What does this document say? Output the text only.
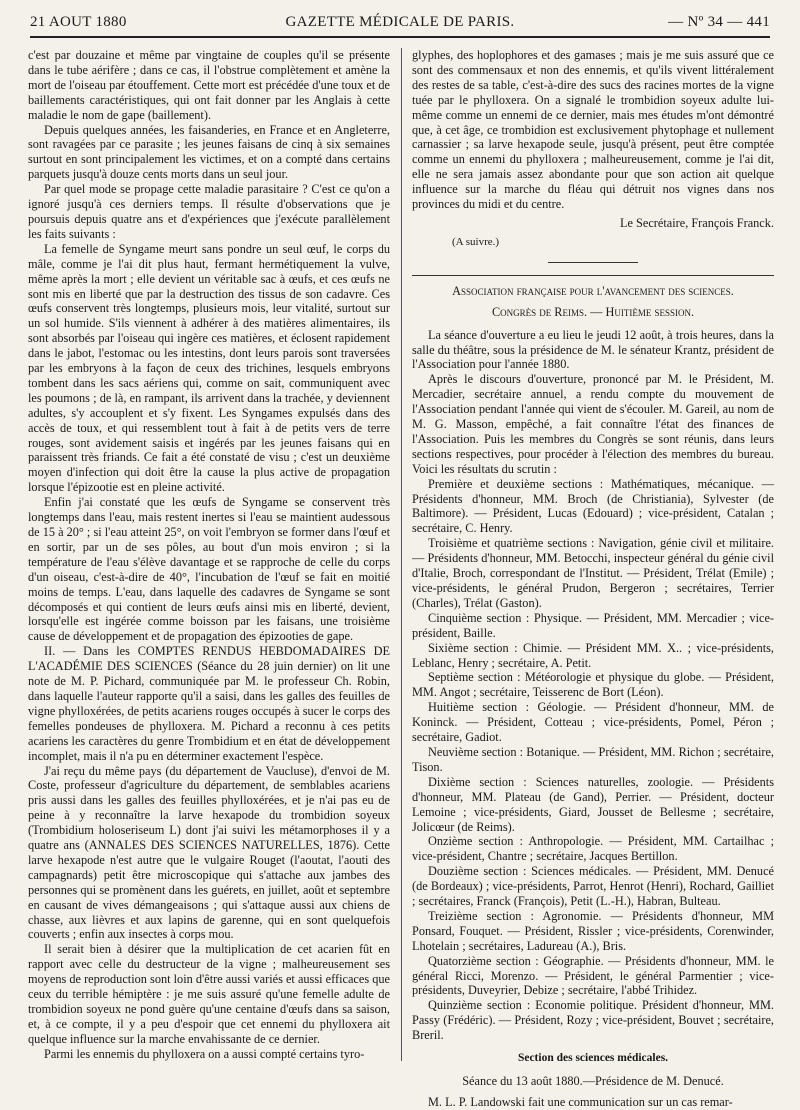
21 AOUT 1880	GAZETTE MÉDICALE DE PARIS.	— Nº 34 — 441

c'est par douzaine et même par vingtaine de couples qu'il se présente dans le tube aérifère ; dans ce cas, il l'obstrue complètement et amène la mort de l'oiseau par étouffement. Cette mort est précédée d'une toux et de baillements caractéristiques, qui ont fait donner par les Anglais à cette maladie le nom de gape (baillement).

Depuis quelques années, les faisanderies, en France et en Angleterre, sont ravagées par ce parasite ; les jeunes faisans de cinq à six semaines surtout en sont principalement les victimes, et on a compté dans certains parquets jusqu'à douze cents morts dans un seul jour.

Par quel mode se propage cette maladie parasitaire ? C'est ce qu'on a ignoré jusqu'à ces derniers temps. Il résulte d'observations que je poursuis depuis quatre ans et d'expériences que j'exécute parallèlement les faits suivants :

La femelle de Syngame meurt sans pondre un seul œuf, le corps du mâle, comme je l'ai dit plus haut, fermant hermétiquement la vulve, même après la mort ; elle devient un véritable sac à œufs, et ces œufs ne sont mis en liberté que par la destruction des tissus de son cadavre. Ces œufs conservent très longtemps, plusieurs mois, leur vitalité, surtout sur un sol humide. S'ils viennent à adhérer à des matières alimentaires, ils sont absorbés par l'oiseau qui ingère ces matières, et éclosent rapidement dans le jabot, l'estomac ou les intestins, dont leurs parois sont traversées par les embryons à la façon de ceux des trichines, lesquels embryons tombent dans les sacs aériens qui, comme on sait, communiquent avec les poumons ; de là, en rampant, ils arrivent dans la trachée, y deviennent adultes, s'y accouplent et s'y fixent. Les Syngames expulsés dans des accès de toux, et qui ressemblent tout à fait à de petits vers de terre rouges, sont avidement saisis et ingérés par les jeunes faisans qui en paraissent très friands. Ce fait a été constaté de visu ; c'est un deuxième moyen d'infection qui doit être la cause la plus active de propagation lorsque l'épizootie est en pleine activité.

Enfin j'ai constaté que les œufs de Syngame se conservent très longtemps dans l'eau, mais restent inertes si l'eau se maintient audessous de 15 à 20° ; si l'eau atteint 25°, on voit l'embryon se former dans l'œuf et en sortir, par un de ses pôles, au bout d'un mois environ ; si la température de l'eau s'élève davantage et se rapproche de celle du corps d'un oiseau, c'est-à-dire de 40°, l'incubation de l'œuf se fait en moitié moins de temps. L'eau, dans laquelle des cadavres de Syngame se sont décomposés et qui contient de leurs œufs ainsi mis en liberté, devient, lorsqu'elle est ingérée comme boisson par les faisans, une troisième cause de développement et de propagation des épizooties de gape.

II. — Dans les COMPTES RENDUS HEBDOMADAIRES DE L'ACADÉMIE DES SCIENCES (Séance du 28 juin dernier) on lit une note de M. P. Pichard, communiquée par M. le professeur Ch. Robin, dans laquelle l'auteur rapporte qu'il a saisi, dans les galles des feuilles de vigne phylloxérées, de petits acariens rouges occupés à sucer le corps des femelles pondeuses de phylloxera. M. Pichard a reconnu à ces petits acariens les caractères du genre Trombidium et en état de développement incomplet, mais il n'a pu en déterminer exactement l'espèce.

J'ai reçu du même pays (du département de Vaucluse), d'envoi de M. Coste, professeur d'agriculture du département, de semblables acariens pris aussi dans les galles des feuilles phylloxérées, et je n'ai pas eu de peine à y reconnaître la larve hexapode du trombidion soyeux (Trombidium holoseriseum L) dont j'ai suivi les métamorphoses il y a quatre ans (ANNALES DES SCIENCES NATURELLES, 1876). Cette larve hexapode n'est autre que le vulgaire Rouget (l'aoutat, l'aouti des campagnards) petit être microscopique qui s'attache aux jambes des personnes qui se promènent dans les guérets, en juillet, août et septembre en causant de vives démangeaisons ; qui s'attaque aussi aux chiens de chasse, aux lièvres et aux lapins de garenne, qui en sont quelquefois couverts ; enfin aux insectes à corps mou.

Il serait bien à désirer que la multiplication de cet acarien fût en rapport avec celle du destructeur de la vigne ; malheureusement ses moyens de reproduction sont loin d'être aussi variés et aussi efficaces que ceux du terrible hémiptère : je me suis assuré qu'une femelle adulte de trombidion soyeux ne pond guère qu'une centaine d'œufs dans sa saison, et, à ce compte, il y a peu d'espoir que cet ennemi du phylloxera ait quelque influence sur la marche envahissante de ce dernier.

Parmi les ennemis du phylloxera on a aussi compté certains tyro-

glyphes, des hoplophores et des gamases ; mais je me suis assuré que ce sont des commensaux et non des ennemis, et qu'ils vivent littéralement des restes de sa table, c'est-à-dire des sucs des racines mortes de la vigne tuée par le phylloxera. On a signalé le trombidion soyeux adulte lui-même comme un ennemi de ce dernier, mais mes études m'ont démontré que, à cet âge, ce trombidion est exclusivement phytophage et nullement carnassier ; sa larve hexapode seule, jusqu'à présent, peut être comptée comme un ennemi du phylloxera ; malheureusement, comme je l'ai dit, elle ne sera jamais assez abondante pour que son action ait quelque influence sur la marche du fléau qui détruit nos vignes dans nos provinces du midi et du centre.

Le Secrétaire, François Franck.

(A suivre.)

Association française pour l'avancement des sciences.

Congrès de Reims. — Huitième session.

La séance d'ouverture a eu lieu le jeudi 12 août, à trois heures, dans la salle du théâtre, sous la présidence de M. le sénateur Krantz, président de l'Association pour l'année 1880.

Après le discours d'ouverture, prononcé par M. le Président, M. Mercadier, secrétaire annuel, a rendu compte du mouvement de l'Association pendant l'année qui vient de s'écouler. M. Gareil, au nom de M. G. Masson, empêché, a fait connaître l'état des finances de l'Association. Puis les membres du Congrès se sont réunis, dans leurs sections respectives, pour procéder à l'élection des membres du bureau. Voici les résultats du scrutin :

Première et deuxième sections : Mathématiques, mécanique. — Présidents d'honneur, MM. Broch (de Christiania), Sylvester (de Baltimore). — Président, Lucas (Edouard) ; vice-président, Catalan ; secrétaire, C. Henry.

Troisième et quatrième sections : Navigation, génie civil et militaire. — Présidents d'honneur, MM. Betocchi, inspecteur général du génie civil d'Italie, Broch, correspondant de l'Institut. — Président, Trélat (Emile) ; vice-présidents, le général Prudon, Bergeron ; secrétaires, Terrier (Charles), Trélat (Gaston).

Cinquième section : Physique. — Président, MM. Mercadier ; vice-président, Baille.

Sixième section : Chimie. — Président MM. X.. ; vice-présidents, Leblanc, Henry ; secrétaire, A. Petit.

Septième section : Météorologie et physique du globe. — Président, MM. Angot ; secrétaire, Teisserenc de Bort (Léon).

Huitième section : Géologie. — Président d'honneur, MM. de Koninck. — Président, Cotteau ; vice-présidents, Pomel, Péron ; secrétaire, Gadiot.

Neuvième section : Botanique. — Président, MM. Richon ; secrétaire, Tison.

Dixième section : Sciences naturelles, zoologie. — Présidents d'honneur, MM. Plateau (de Gand), Perrier. — Président, docteur Lemoine ; vice-présidents, Giard, Jousset de Bellesme ; secrétaire, Jolicœur (de Reims).

Onzième section : Anthropologie. — Président, MM. Cartailhac ; vice-président, Chantre ; secrétaire, Jacques Bertillon.

Douzième section : Sciences médicales. — Président, MM. Denucé (de Bordeaux) ; vice-présidents, Parrot, Henrot (Henri), Rochard, Gailliet ; secrétaires, Franck (François), Petit (L.-H.), Habran, Bulteau.

Treizième section : Agronomie. — Présidents d'honneur, MM Ponsard, Fouquet. — Président, Rissler ; vice-présidents, Corenwinder, Lhotelain ; secrétaires, Ladureau (A.), Bris.

Quatorzième section : Géographie. — Présidents d'honneur, MM. le général Ricci, Morenzo. — Président, le général Parmentier ; vice-présidents, Duveyrier, Debize ; secrétaire, l'abbé Trihidez.

Quinzième section : Economie politique. Président d'honneur, MM. Passy (Frédéric). — Président, Rozy ; vice-président, Bouvet ; secrétaire, Breril.

Section des sciences médicales.

Séance du 13 août 1880.—Présidence de M. Denucé.

M. L. P. Landowski fait une communication sur un cas remar-
